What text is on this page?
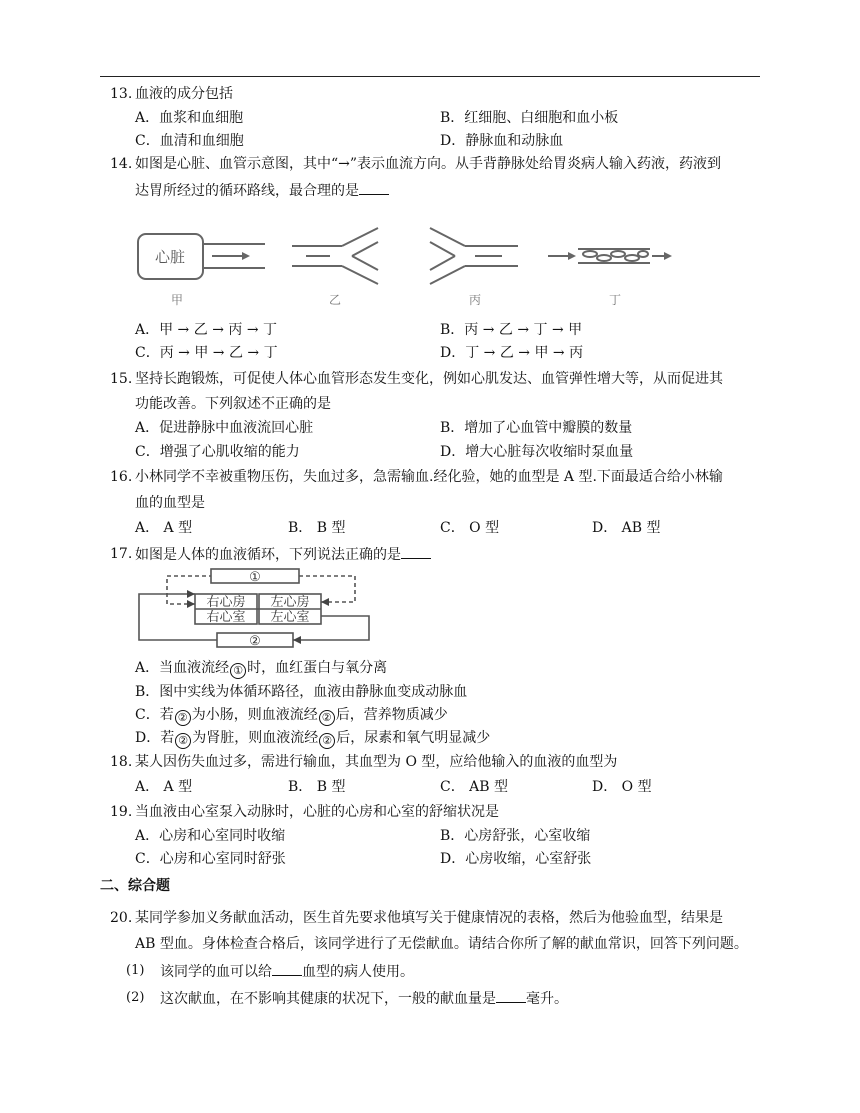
13. 血液的成分包括
A．血浆和血细胞	B．红细胞、白细胞和血小板
C．血清和血细胞	D．静脉血和动脉血
14. 如图是心脏、血管示意图，其中“→”表示血流方向。从手背静脉处给胃炎病人输入药液，药液到
达胃所经过的循环路线，最合理的是
心脏
甲	乙	丙	丁
A．甲 → 乙 → 丙 → 丁	B．丙 → 乙 → 丁 → 甲
C．丙 → 甲 → 乙 → 丁	D．丁 → 乙 → 甲 → 丙
15. 坚持长跑锻炼，可促使人体心血管形态发生变化，例如心肌发达、血管弹性增大等，从而促进其
功能改善。下列叙述不正确的是
A．促进静脉中血液流回心脏	B．增加了心血管中瓣膜的数量
C．增强了心肌收缩的能力	D．增大心脏每次收缩时泵血量
16. 小林同学不幸被重物压伤，失血过多，急需输血.经化验，她的血型是 A 型.下面最适合给小林输
血的血型是
A． A 型	B． B 型	C． O 型	D． AB 型
17. 如图是人体的血液循环，下列说法正确的是
①
右心房 左心房
右心室 左心室
②
A．当血液流经 ① 时，血红蛋白与氧分离
B．图中实线为体循环路径，血液由静脉血变成动脉血
C．若 ② 为小肠，则血液流经 ② 后，营养物质减少
D．若 ② 为肾脏，则血液流经 ② 后，尿素和氧气明显减少
18. 某人因伤失血过多，需进行输血，其血型为 O 型，应给他输入的血液的血型为
A． A 型	B． B 型	C． AB 型	D． O 型
19. 当血液由心室泵入动脉时，心脏的心房和心室的舒缩状况是
A．心房和心室同时收缩	B．心房舒张，心室收缩
C．心房和心室同时舒张	D．心房收缩，心室舒张
二、综合题
20. 某同学参加义务献血活动，医生首先要求他填写关于健康情况的表格，然后为他验血型，结果是
AB 型血。身体检查合格后，该同学进行了无偿献血。请结合你所了解的献血常识，回答下列问题。
(1) 该同学的血可以给 血型的病人使用。
(2) 这次献血，在不影响其健康的状况下，一般的献血量是 毫升。
